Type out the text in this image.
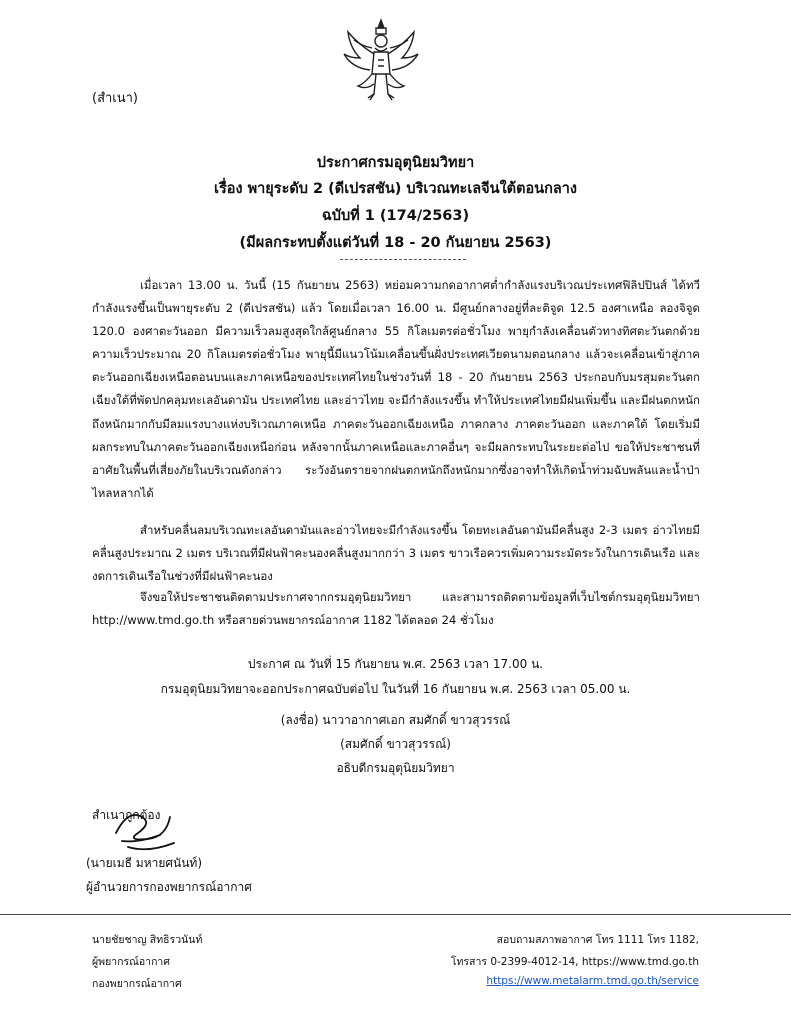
(สำเนา)
ประกาศกรมอุตุนิยมวิทยา
เรื่อง พายุระดับ 2 (ดีเปรสชัน) บริเวณทะเลจีนใต้ตอนกลาง
ฉบับที่ 1 (174/2563)
(มีผลกระทบตั้งแต่วันที่ 18 - 20 กันยายน 2563)

เมื่อเวลา 13.00 น. วันนี้ (15 กันยายน 2563) หย่อมความกดอากาศต่ำกำลังแรงบริเวณประเทศฟิลิปปินส์ ได้ทวีกำลังแรงขึ้นเป็นพายุระดับ 2 (ดีเปรสชัน) แล้ว โดยเมื่อเวลา 16.00 น. มีศูนย์กลางอยู่ที่ละติจูด 12.5 องศาเหนือ ลองจิจูด 120.0 องศาตะวันออก มีความเร็วลมสูงสุดใกล้ศูนย์กลาง 55 กิโลเมตรต่อชั่วโมง พายุกำลังเคลื่อนตัวทางทิศตะวันตกด้วยความเร็วประมาณ 20 กิโลเมตรต่อชั่วโมง พายุนี้มีแนวโน้มเคลื่อนขึ้นฝั่งประเทศเวียดนามตอนกลาง แล้วจะเคลื่อนเข้าสู่ภาคตะวันออกเฉียงเหนือตอนบนและภาคเหนือของประเทศไทยในช่วงวันที่ 18 - 20 กันยายน 2563 ประกอบกับมรสุมตะวันตกเฉียงใต้ที่พัดปกคลุมทะเลอันดามัน ประเทศไทย และอ่าวไทย จะมีกำลังแรงขึ้น ทำให้ประเทศไทยมีฝนเพิ่มขึ้น และมีฝนตกหนักถึงหนักมากกับมีลมแรงบางแห่งบริเวณภาคเหนือ ภาคตะวันออกเฉียงเหนือ ภาคกลาง ภาคตะวันออก และภาคใต้ โดยเริ่มมีผลกระทบในภาคตะวันออกเฉียงเหนือก่อน หลังจากนั้นภาคเหนือและภาคอื่นๆ จะมีผลกระทบในระยะต่อไป ขอให้ประชาชนที่อาศัยในพื้นที่เสี่ยงภัยในบริเวณดังกล่าว ระวังอันตรายจากฝนตกหนักถึงหนักมากซึ่งอาจทำให้เกิดน้ำท่วมฉับพลันและน้ำป่าไหลหลากได้

สำหรับคลื่นลมบริเวณทะเลอันดามันและอ่าวไทยจะมีกำลังแรงขึ้น โดยทะเลอันดามันมีคลื่นสูง 2-3 เมตร อ่าวไทยมีคลื่นสูงประมาณ 2 เมตร บริเวณที่มีฝนฟ้าคะนองคลื่นสูงมากกว่า 3 เมตร ขาวเรือควรเพิ่มความระมัดระวังในการเดินเรือ และงดการเดินเรือในช่วงที่มีฝนฟ้าคะนอง

จึงขอให้ประชาชนติดตามประกาศจากกรมอุตุนิยมวิทยา และสามารถติดตามข้อมูลที่เว็บไซต์กรมอุตุนิยมวิทยา http://www.tmd.go.th หรือสายด่วนพยากรณ์อากาศ 1182 ได้ตลอด 24 ชั่วโมง

ประกาศ ณ วันที่ 15 กันยายน พ.ศ. 2563 เวลา 17.00 น.
กรมอุตุนิยมวิทยาจะออกประกาศฉบับต่อไป ในวันที่ 16 กันยายน พ.ศ. 2563 เวลา 05.00 น.
(ลงชื่อ) นาวาอากาศเอก สมศักดิ์ ขาวสุวรรณ์
(สมศักดิ์ ขาวสุวรรณ์)
อธิบดีกรมอุตุนิยมวิทยา
สำเนาถูกต้อง
(นายเมธี มหายศนันท์)
ผู้อำนวยการกองพยากรณ์อากาศ
นายชัยชาญ สิทธิรวนันท์
ผู้พยากรณ์อากาศ
กองพยากรณ์อากาศ
สอบถามสภาพอากาศ โทร 1111 โทร 1182,
โทรสาร 0-2399-4012-14, https://www.tmd.go.th
https://www.metalarm.tmd.go.th/service
